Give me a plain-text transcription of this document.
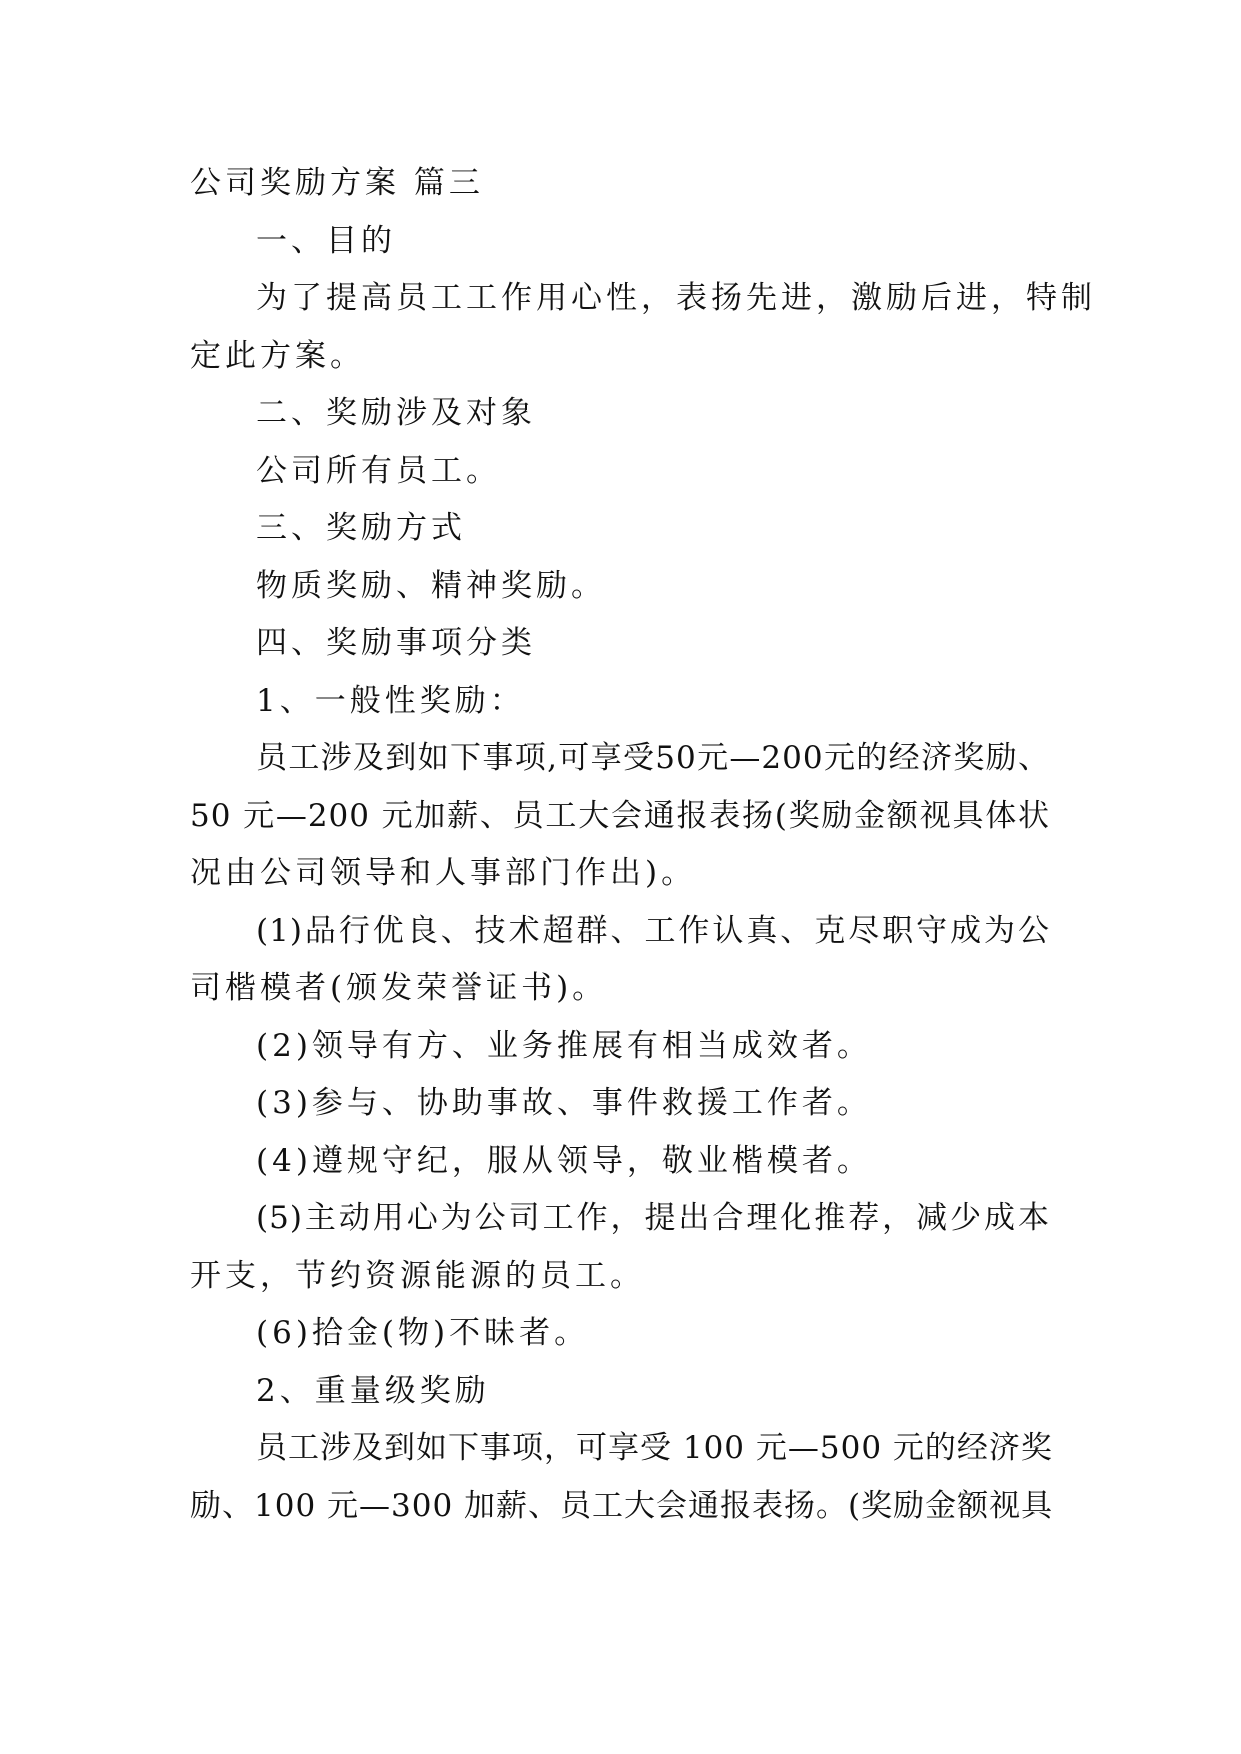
公司奖励方案 篇三

一、目的

为了提高员工工作用心性，表扬先进，激励后进，特制

定此方案。

二、奖励涉及对象

公司所有员工。

三、奖励方式

物质奖励、精神奖励。

四、奖励事项分类

1、一般性奖励：

员工涉及到如下事项,可享受50元—200元的经济奖励、

50 元—200 元加薪、员工大会通报表扬(奖励金额视具体状

况由公司领导和人事部门作出)。

(1)品行优良、技术超群、工作认真、克尽职守成为公

司楷模者(颁发荣誉证书)。

(2)领导有方、业务推展有相当成效者。

(3)参与、协助事故、事件救援工作者。

(4)遵规守纪，服从领导，敬业楷模者。

(5)主动用心为公司工作，提出合理化推荐，减少成本

开支，节约资源能源的员工。

(6)拾金(物)不昧者。

2、重量级奖励

员工涉及到如下事项，可享受 100 元—500 元的经济奖

励、100 元—300 加薪、员工大会通报表扬。(奖励金额视具
